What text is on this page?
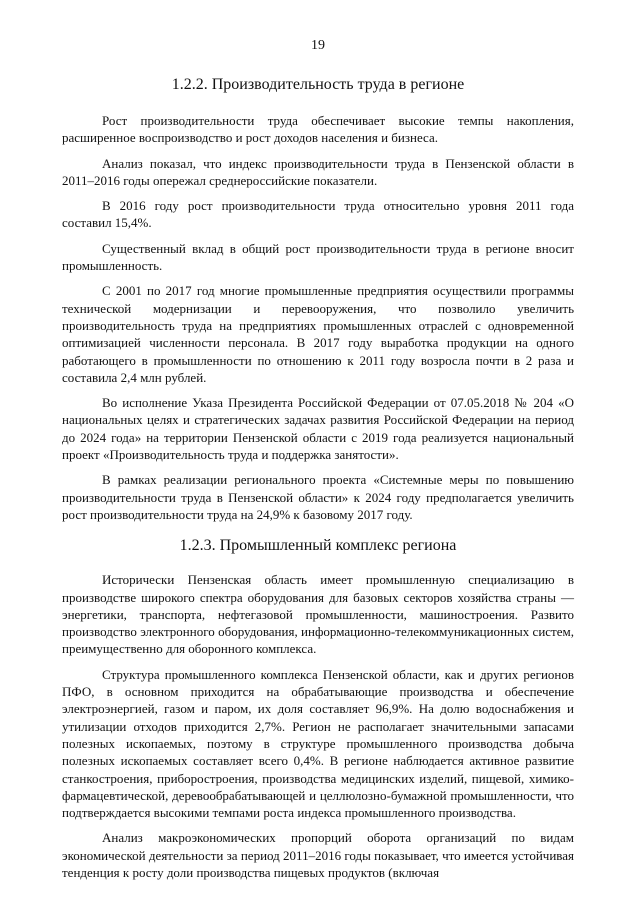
19
1.2.2. Производительность труда в регионе

Рост производительности труда обеспечивает высокие темпы накопления, расширенное воспроизводство и рост доходов населения и бизнеса.

Анализ показал, что индекс производительности труда в Пензенской области в 2011–2016 годы опережал среднероссийские показатели.

В 2016 году рост производительности труда относительно уровня 2011 года составил 15,4%.

Существенный вклад в общий рост производительности труда в регионе вносит промышленность.

С 2001 по 2017 год многие промышленные предприятия осуществили программы технической модернизации и перевооружения, что позволило увеличить производительность труда на предприятиях промышленных отраслей с одновременной оптимизацией численности персонала. В 2017 году выработка продукции на одного работающего в промышленности по отношению к 2011 году возросла почти в 2 раза и составила 2,4 млн рублей.

Во исполнение Указа Президента Российской Федерации от 07.05.2018 № 204 «О национальных целях и стратегических задачах развития Российской Федерации на период до 2024 года» на территории Пензенской области с 2019 года реализуется национальный проект «Производительность труда и поддержка занятости».

В рамках реализации регионального проекта «Системные меры по повышению производительности труда в Пензенской области» к 2024 году предполагается увеличить рост производительности труда на 24,9% к базовому 2017 году.

1.2.3. Промышленный комплекс региона

Исторически Пензенская область имеет промышленную специализацию в производстве широкого спектра оборудования для базовых секторов хозяйства страны — энергетики, транспорта, нефтегазовой промышленности, машиностроения. Развито производство электронного оборудования, информационно-телекоммуникационных систем, преимущественно для оборонного комплекса.

Структура промышленного комплекса Пензенской области, как и других регионов ПФО, в основном приходится на обрабатывающие производства и обеспечение электроэнергией, газом и паром, их доля составляет 96,9%. На долю водоснабжения и утилизации отходов приходится 2,7%. Регион не располагает значительными запасами полезных ископаемых, поэтому в структуре промышленного производства добыча полезных ископаемых составляет всего 0,4%. В регионе наблюдается активное развитие станкостроения, приборостроения, производства медицинских изделий, пищевой, химико-фармацевтической, деревообрабатывающей и целлюлозно-бумажной промышленности, что подтверждается высокими темпами роста индекса промышленного производства.

Анализ макроэкономических пропорций оборота организаций по видам экономической деятельности за период 2011–2016 годы показывает, что имеется устойчивая тенденция к росту доли производства пищевых продуктов (включая
